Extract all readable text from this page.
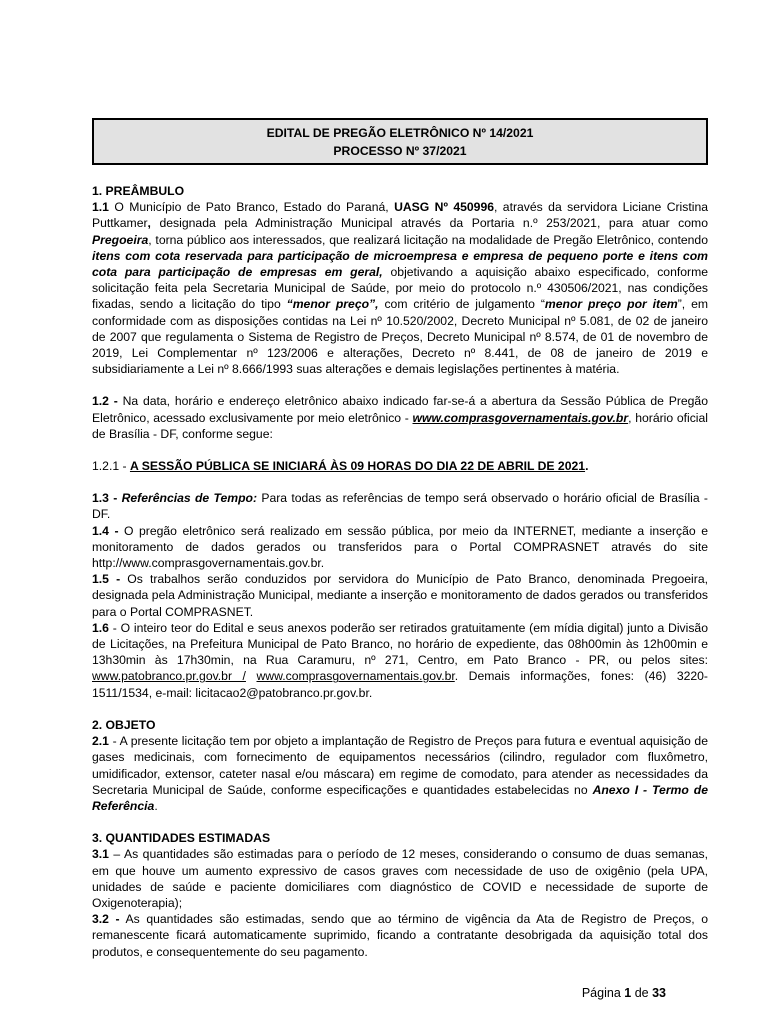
EDITAL DE PREGÃO ELETRÔNICO Nº 14/2021
PROCESSO Nº 37/2021

1. PREÂMBULO

1.1 O Município de Pato Branco, Estado do Paraná, UASG Nº 450996, através da servidora Liciane Cristina Puttkamer, designada pela Administração Municipal através da Portaria n.º 253/2021, para atuar como Pregoeira, torna público aos interessados, que realizará licitação na modalidade de Pregão Eletrônico, contendo itens com cota reservada para participação de microempresa e empresa de pequeno porte e itens com cota para participação de empresas em geral, objetivando a aquisição abaixo especificado, conforme solicitação feita pela Secretaria Municipal de Saúde, por meio do protocolo n.º 430506/2021, nas condições fixadas, sendo a licitação do tipo “menor preço”, com critério de julgamento “menor preço por item”, em conformidade com as disposições contidas na Lei nº 10.520/2002, Decreto Municipal nº 5.081, de 02 de janeiro de 2007 que regulamenta o Sistema de Registro de Preços, Decreto Municipal nº 8.574, de 01 de novembro de 2019, Lei Complementar nº 123/2006 e alterações, Decreto nº 8.441, de 08 de janeiro de 2019 e subsidiariamente a Lei nº 8.666/1993 suas alterações e demais legislações pertinentes à matéria.

1.2 - Na data, horário e endereço eletrônico abaixo indicado far-se-á a abertura da Sessão Pública de Pregão Eletrônico, acessado exclusivamente por meio eletrônico - www.comprasgovernamentais.gov.br, horário oficial de Brasília - DF, conforme segue:

1.2.1 - A SESSÃO PÚBLICA SE INICIARÁ ÀS 09 HORAS DO DIA 22 DE ABRIL DE 2021.

1.3 - Referências de Tempo: Para todas as referências de tempo será observado o horário oficial de Brasília - DF.

1.4 - O pregão eletrônico será realizado em sessão pública, por meio da INTERNET, mediante a inserção e monitoramento de dados gerados ou transferidos para o Portal COMPRASNET através do site http://www.comprasgovernamentais.gov.br.

1.5 - Os trabalhos serão conduzidos por servidora do Município de Pato Branco, denominada Pregoeira, designada pela Administração Municipal, mediante a inserção e monitoramento de dados gerados ou transferidos para o Portal COMPRASNET.

1.6 - O inteiro teor do Edital e seus anexos poderão ser retirados gratuitamente (em mídia digital) junto a Divisão de Licitações, na Prefeitura Municipal de Pato Branco, no horário de expediente, das 08h00min às 12h00min e 13h30min às 17h30min, na Rua Caramuru, nº 271, Centro, em Pato Branco - PR, ou pelos sites: www.patobranco.pr.gov.br / www.comprasgovernamentais.gov.br. Demais informações, fones: (46) 3220-1511/1534, e-mail: licitacao2@patobranco.pr.gov.br.

2. OBJETO

2.1 - A presente licitação tem por objeto a implantação de Registro de Preços para futura e eventual aquisição de gases medicinais, com fornecimento de equipamentos necessários (cilindro, regulador com fluxômetro, umidificador, extensor, cateter nasal e/ou máscara) em regime de comodato, para atender as necessidades da Secretaria Municipal de Saúde, conforme especificações e quantidades estabelecidas no Anexo I - Termo de Referência.

3. QUANTIDADES ESTIMADAS

3.1 – As quantidades são estimadas para o período de 12 meses, considerando o consumo de duas semanas, em que houve um aumento expressivo de casos graves com necessidade de uso de oxigênio (pela UPA, unidades de saúde e paciente domiciliares com diagnóstico de COVID e necessidade de suporte de Oxigenoterapia);

3.2 - As quantidades são estimadas, sendo que ao término de vigência da Ata de Registro de Preços, o remanescente ficará automaticamente suprimido, ficando a contratante desobrigada da aquisição total dos produtos, e consequentemente do seu pagamento.

Página 1 de 33
